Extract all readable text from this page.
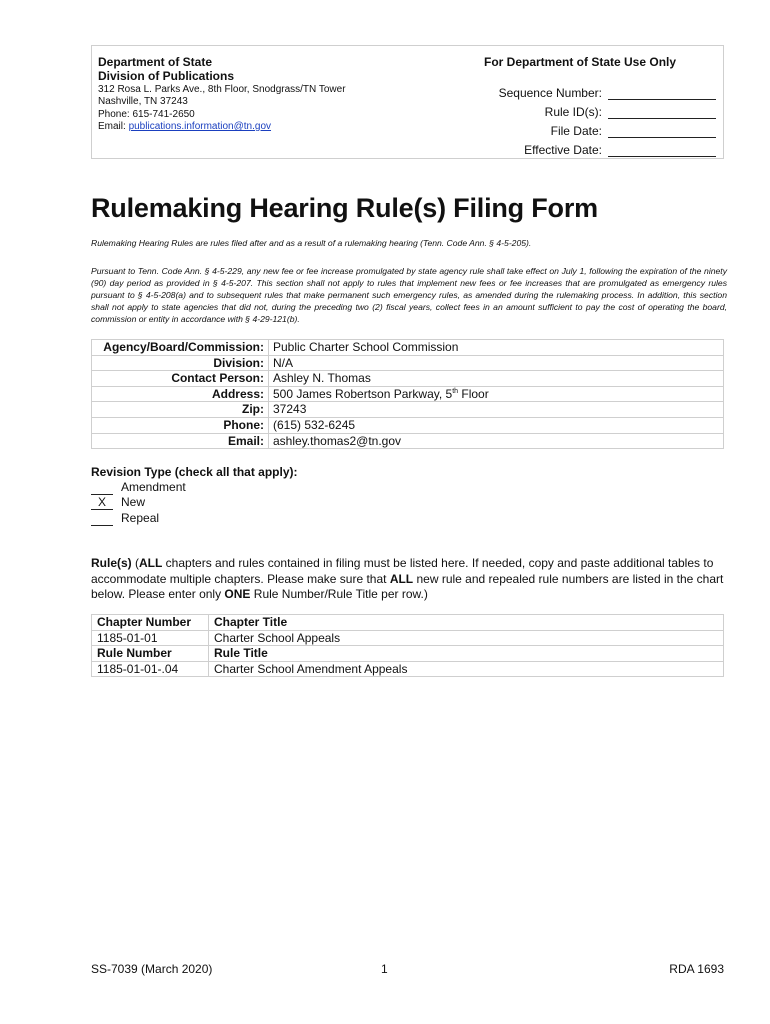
Department of State
Division of Publications
312 Rosa L. Parks Ave., 8th Floor, Snodgrass/TN Tower
Nashville, TN 37243
Phone: 615-741-2650
Email: publications.information@tn.gov
For Department of State Use Only
Sequence Number:
Rule ID(s):
File Date:
Effective Date:
Rulemaking Hearing Rule(s) Filing Form
Rulemaking Hearing Rules are rules filed after and as a result of a rulemaking hearing (Tenn. Code Ann. § 4-5-205).
Pursuant to Tenn. Code Ann. § 4-5-229, any new fee or fee increase promulgated by state agency rule shall take effect on July 1, following the expiration of the ninety (90) day period as provided in § 4-5-207. This section shall not apply to rules that implement new fees or fee increases that are promulgated as emergency rules pursuant to § 4-5-208(a) and to subsequent rules that make permanent such emergency rules, as amended during the rulemaking process. In addition, this section shall not apply to state agencies that did not, during the preceding two (2) fiscal years, collect fees in an amount sufficient to pay the cost of operating the board, commission or entity in accordance with § 4-29-121(b).
Agency/Board/Commission:	Public Charter School Commission
Division:	N/A
Contact Person:	Ashley N. Thomas
Address:	500 James Robertson Parkway, 5th Floor
Zip:	37243
Phone:	(615) 532-6245
Email:	ashley.thomas2@tn.gov
Revision Type (check all that apply):
Amendment
X	New
Repeal
Rule(s) (ALL chapters and rules contained in filing must be listed here. If needed, copy and paste additional tables to accommodate multiple chapters. Please make sure that ALL new rule and repealed rule numbers are listed in the chart below. Please enter only ONE Rule Number/Rule Title per row.)
Chapter Number	Chapter Title
1185-01-01	Charter School Appeals
Rule Number	Rule Title
1185-01-01-.04	Charter School Amendment Appeals
SS-7039 (March 2020)	1	RDA 1693
